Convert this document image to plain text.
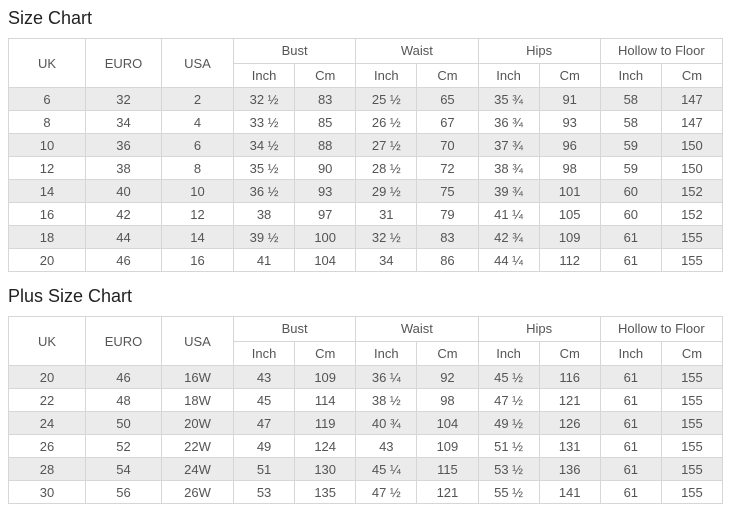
Size Chart
UK	EURO	USA	Bust		Waist		Hips		Hollow to Floor	
			Inch	Cm	Inch	Cm	Inch	Cm	Inch	Cm
6	32	2	32 ½	83	25 ½	65	35 ¾	91	58	147
8	34	4	33 ½	85	26 ½	67	36 ¾	93	58	147
10	36	6	34 ½	88	27 ½	70	37 ¾	96	59	150
12	38	8	35 ½	90	28 ½	72	38 ¾	98	59	150
14	40	10	36 ½	93	29 ½	75	39 ¾	101	60	152
16	42	12	38	97	31	79	41 ¼	105	60	152
18	44	14	39 ½	100	32 ½	83	42 ¾	109	61	155
20	46	16	41	104	34	86	44 ¼	112	61	155
Plus Size Chart
UK	EURO	USA	Bust		Waist		Hips		Hollow to Floor	
			Inch	Cm	Inch	Cm	Inch	Cm	Inch	Cm
20	46	16W	43	109	36 ¼	92	45 ½	116	61	155
22	48	18W	45	114	38 ½	98	47 ½	121	61	155
24	50	20W	47	119	40 ¾	104	49 ½	126	61	155
26	52	22W	49	124	43	109	51 ½	131	61	155
28	54	24W	51	130	45 ¼	115	53 ½	136	61	155
30	56	26W	53	135	47 ½	121	55 ½	141	61	155
